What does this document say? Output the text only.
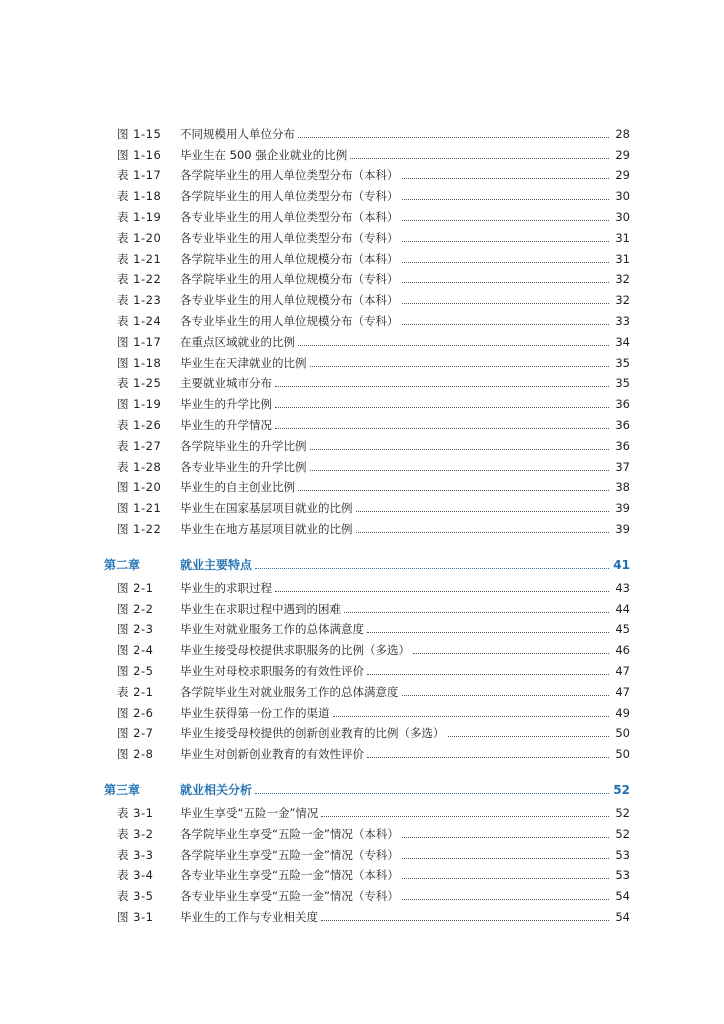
图 1-15 不同规模用人单位分布	28
图 1-16 毕业生在 500 强企业就业的比例	29
表 1-17 各学院毕业生的用人单位类型分布（本科）	29
表 1-18 各学院毕业生的用人单位类型分布（专科）	30
表 1-19 各专业毕业生的用人单位类型分布（本科）	30
表 1-20 各专业毕业生的用人单位类型分布（专科）	31
表 1-21 各学院毕业生的用人单位规模分布（本科）	31
表 1-22 各学院毕业生的用人单位规模分布（专科）	32
表 1-23 各专业毕业生的用人单位规模分布（本科）	32
表 1-24 各专业毕业生的用人单位规模分布（专科）	33
图 1-17 在重点区域就业的比例	34
图 1-18 毕业生在天津就业的比例	35
表 1-25 主要就业城市分布	35
图 1-19 毕业生的升学比例	36
表 1-26 毕业生的升学情况	36
表 1-27 各学院毕业生的升学比例	36
表 1-28 各专业毕业生的升学比例	37
图 1-20 毕业生的自主创业比例	38
图 1-21 毕业生在国家基层项目就业的比例	39
图 1-22 毕业生在地方基层项目就业的比例	39
第二章	就业主要特点	41
图 2-1 毕业生的求职过程	43
图 2-2 毕业生在求职过程中遇到的困难	44
图 2-3 毕业生对就业服务工作的总体满意度	45
图 2-4 毕业生接受母校提供求职服务的比例（多选）	46
图 2-5 毕业生对母校求职服务的有效性评价	47
表 2-1 各学院毕业生对就业服务工作的总体满意度	47
图 2-6 毕业生获得第一份工作的渠道	49
图 2-7 毕业生接受母校提供的创新创业教育的比例（多选）	50
图 2-8 毕业生对创新创业教育的有效性评价	50
第三章	就业相关分析	52
表 3-1 毕业生享受“五险一金”情况	52
表 3-2 各学院毕业生享受“五险一金”情况（本科）	52
表 3-3 各学院毕业生享受“五险一金”情况（专科）	53
表 3-4 各专业毕业生享受“五险一金”情况（本科）	53
表 3-5 各专业毕业生享受“五险一金”情况（专科）	54
图 3-1 毕业生的工作与专业相关度	54
